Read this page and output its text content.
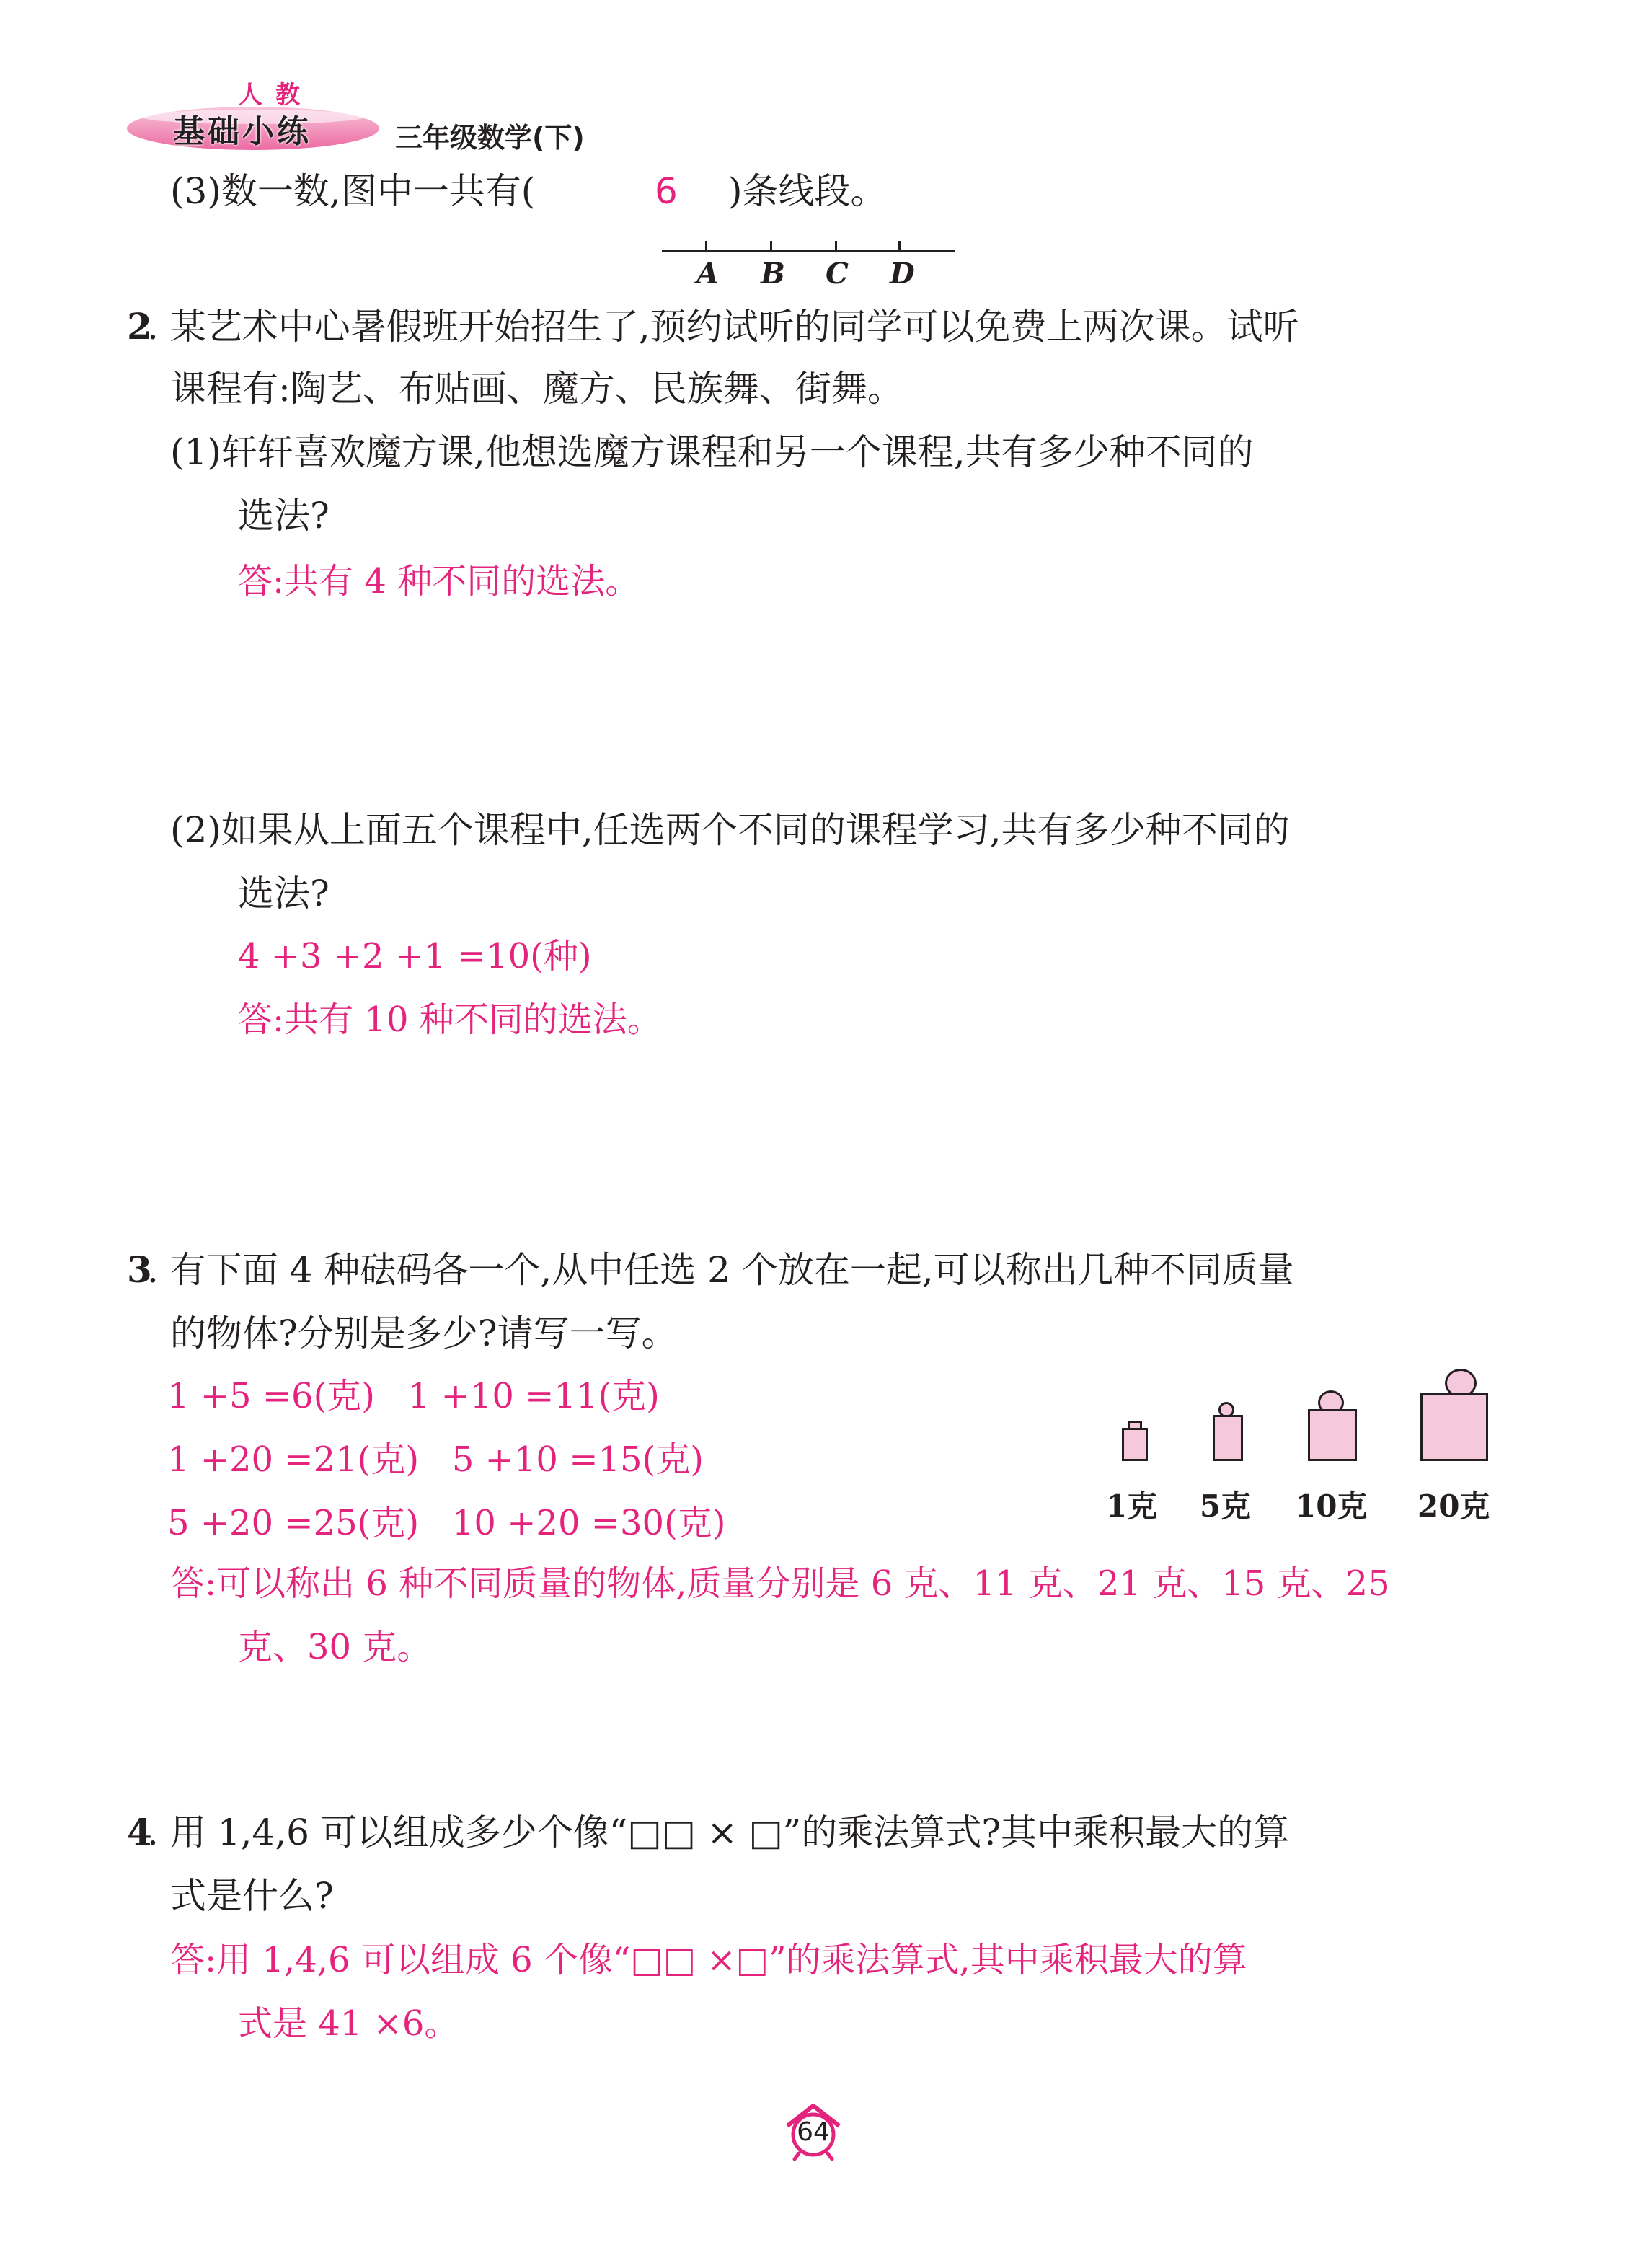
人教
基础小练	三年级数学(下)
(3)数一数,图中一共有(	6 )条线段。
A B C D
2
. 某艺术中心暑假班开始招生了,预约试听的同学可以免费上两次课。试听
课程有:陶艺、布贴画、魔方、民族舞、街舞。
(1)轩轩喜欢魔方课,他想选魔方课程和另一个课程,共有多少种不同的
选法?
答:共有 4 种不同的选法。
(2)如果从上面五个课程中,任选两个不同的课程学习,共有多少种不同的
选法?
4 +3 +2 +1 =10(种)
答:共有 10 种不同的选法。
3
. 有下面 4 种砝码各一个,从中任选 2 个放在一起,可以称出几种不同质量
的物体?分别是多少?请写一写。
1 +5 =6(克)   1 +10 =11(克)
1 +20 =21(克)   5 +10 =15(克)
5 +20 =25(克)   10 +20 =30(克)
答:可以称出 6 种不同质量的物体,质量分别是 6 克、11 克、21 克、15 克、25
克、30 克。
1克 5克 10克 20克
4
. 用 1,4,6 可以组成多少个像“□□ × □”的乘法算式?其中乘积最大的算
式是什么?
答:用 1,4,6 可以组成 6 个像“□□ ×□”的乘法算式,其中乘积最大的算
式是 41 ×6。
64
